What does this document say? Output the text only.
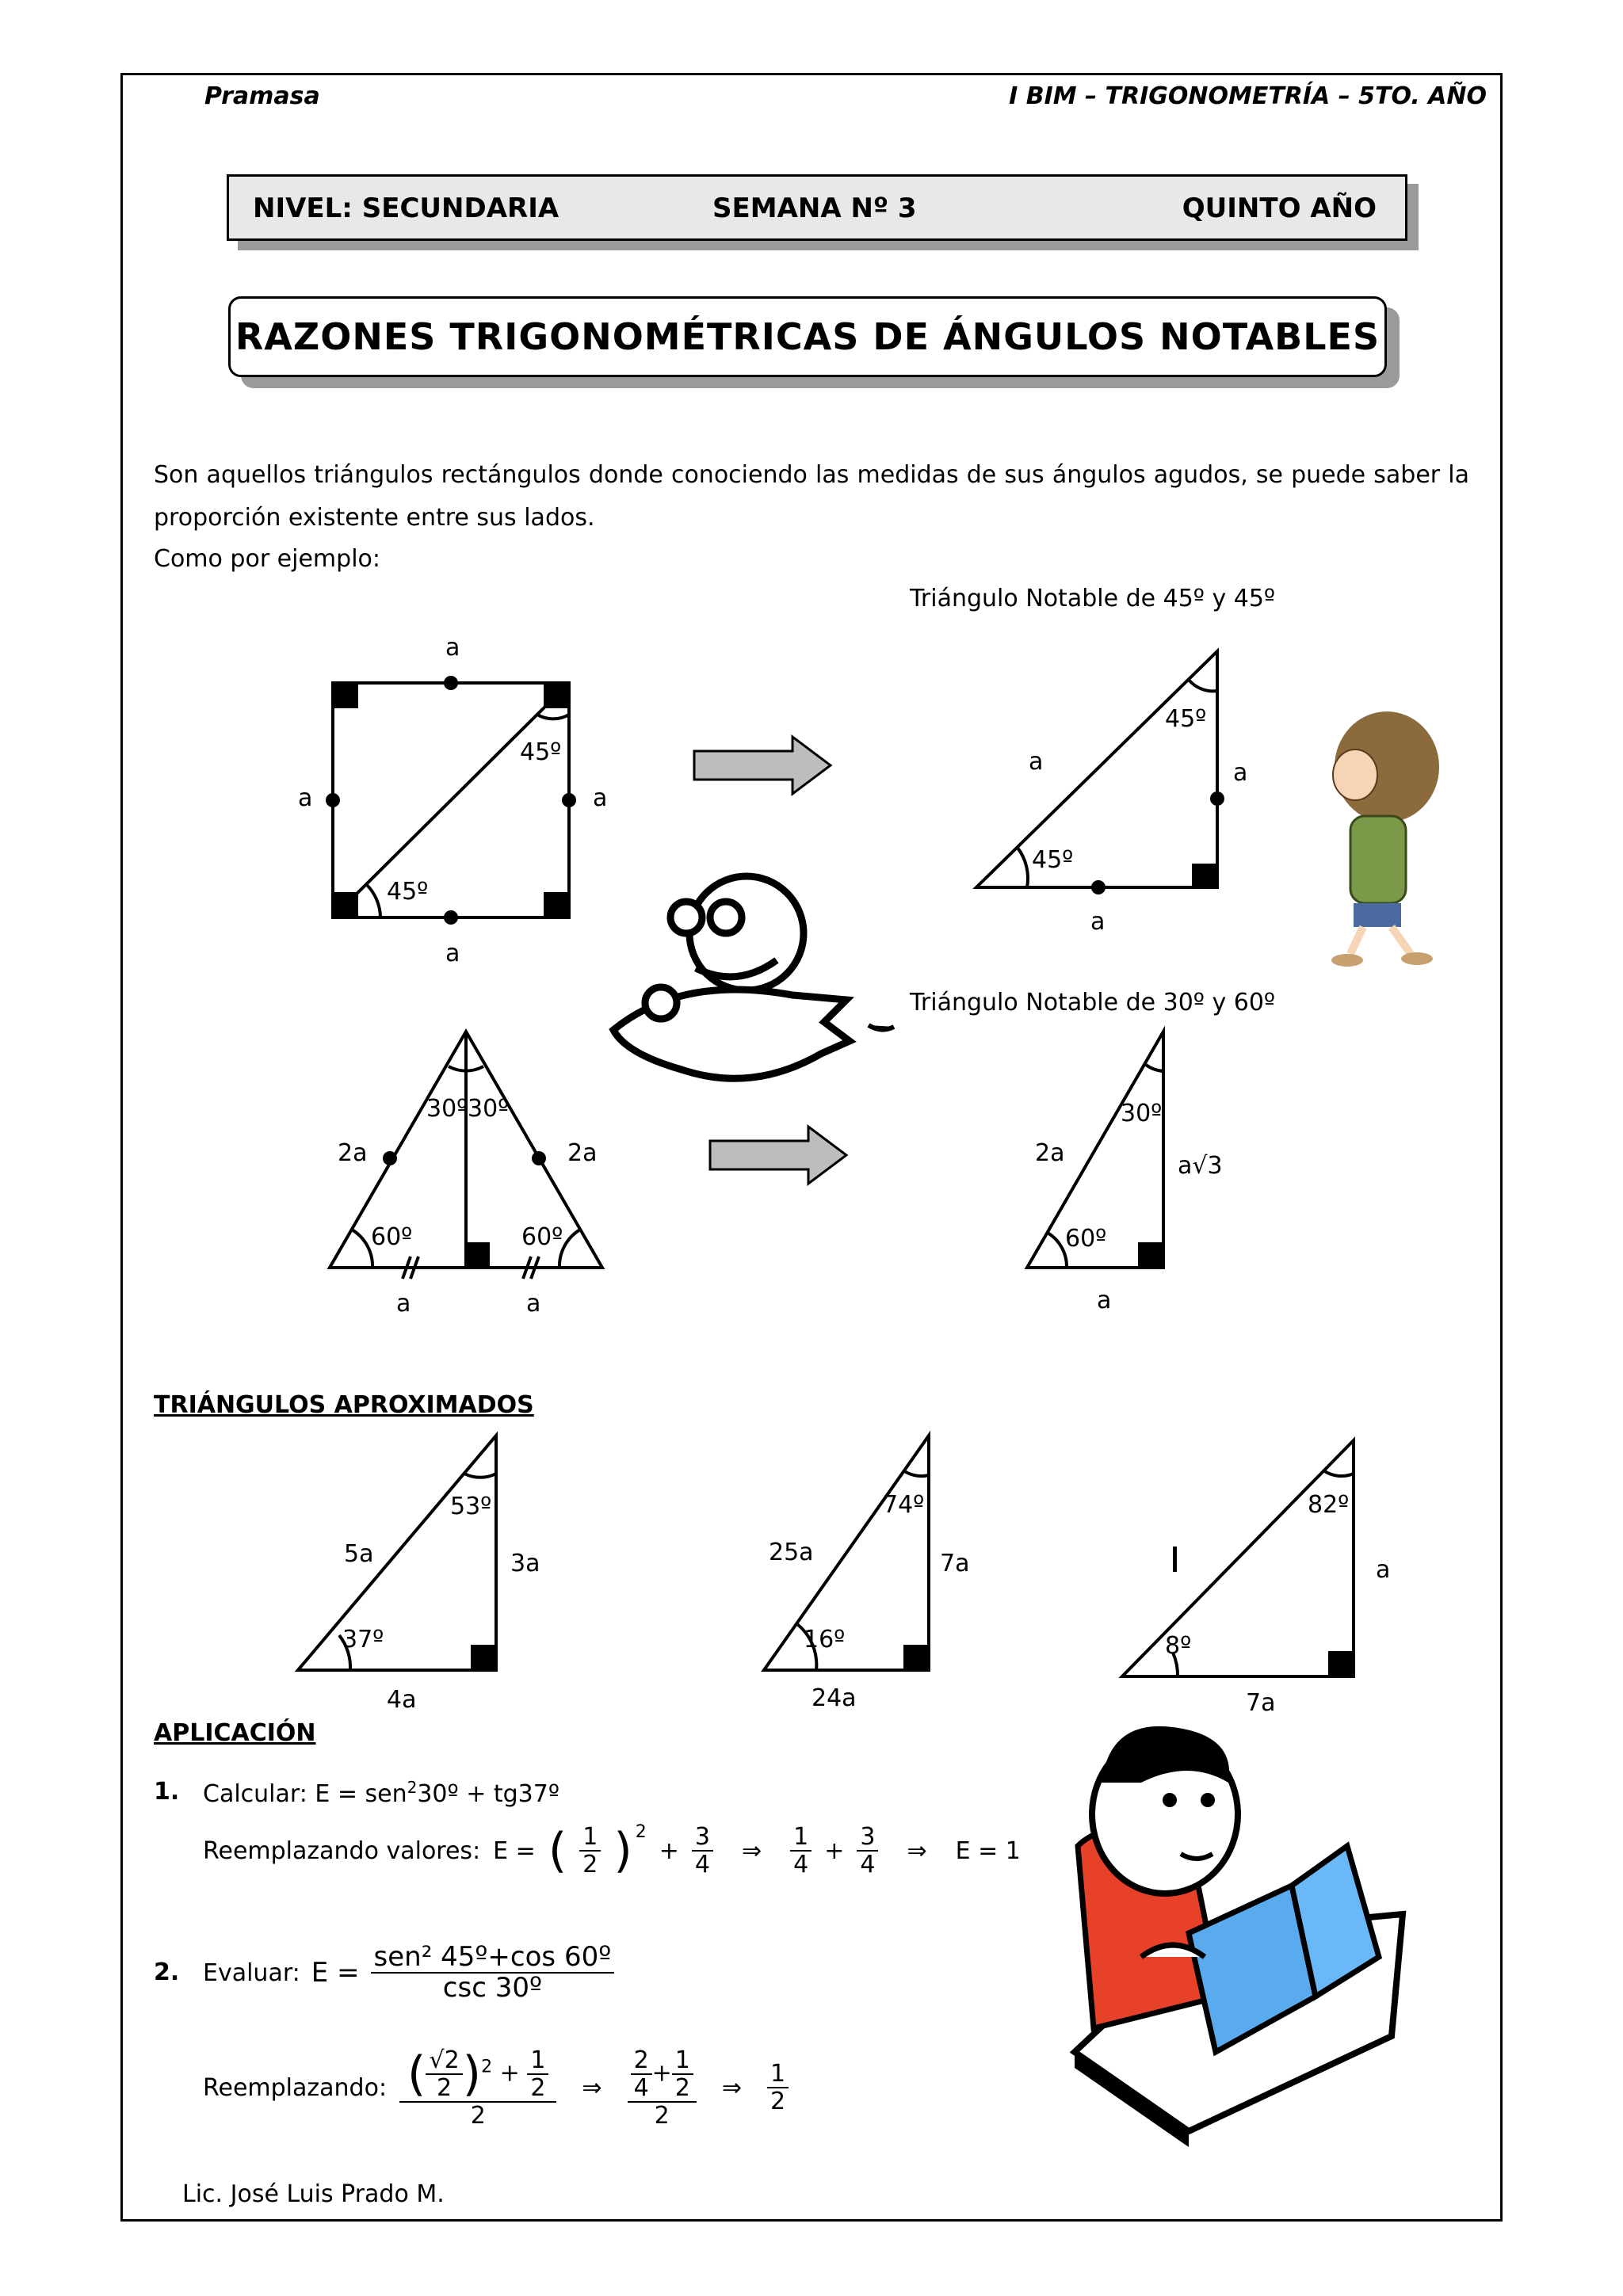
Pramasa	I BIM – TRIGONOMETRÍA – 5TO. AÑO
NIVEL: SECUNDARIA	SEMANA Nº 3	QUINTO AÑO
RAZONES TRIGONOMÉTRICAS DE ÁNGULOS NOTABLES
Son aquellos triángulos rectángulos donde conociendo las medidas de sus ángulos agudos, se puede saber la
proporción existente entre sus lados.
Como por ejemplo:
Triángulo Notable de 45º y 45º
Triángulo Notable de 30º y 60º
a
a	a
a
45º
45º
a	a
a
45º
45º
30º 30º
2a	2a
60º	60º
a	a
30º
2a	a√3
60º
a
TRIÁNGULOS APROXIMADOS
53º
5a	3a
37º
4a
74º
25a	7a
16º
24a
82º
a
8º
7a
APLICACIÓN
1. Calcular: E = sen$^2$30º + tg37º
Reemplazando valores: E = ( $\frac{1}{2} )^2$
+ $\frac{3}{4}$ ⇒ $\frac{1}{4} + \frac{3}{4}$ ⇒ E = 1
2. Evaluar: $E = \frac{\text{sen² 45º+cos 60º}}{\text{csc 30º}}$
Reemplazando: $\frac{( \frac{√2}{2} )^2 + \frac{1}{2}}{2}$ ⇒ $\frac{\frac{2}{4} + \frac{1}{2}}{2}$ ⇒ $\frac{1}{2}$
Lic. José Luis Prado M.
